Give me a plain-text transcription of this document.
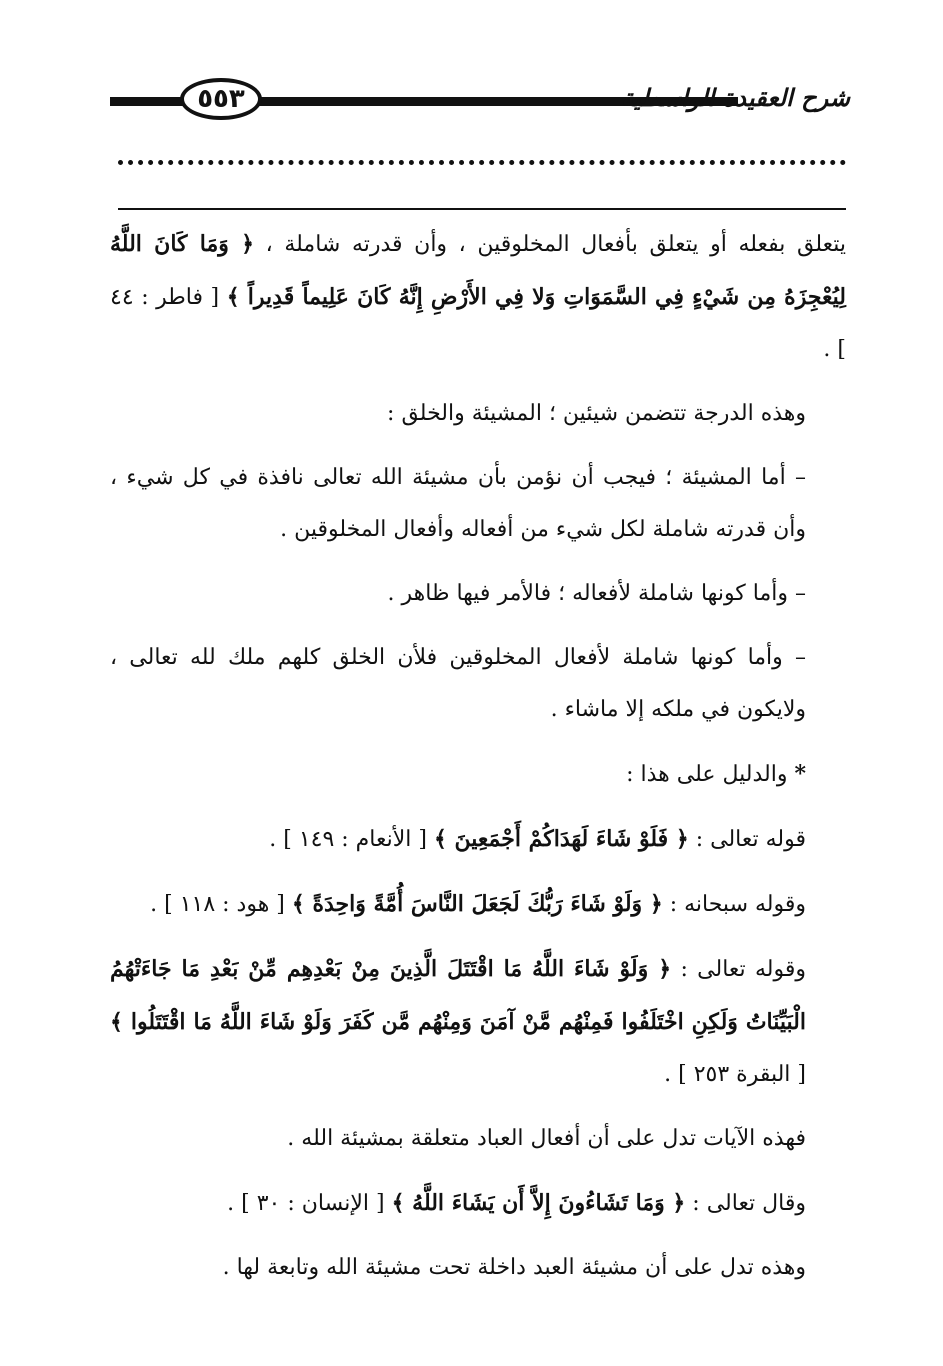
٥٥٣	شرح العقيدة الواسطية

يتعلق بفعله أو يتعلق بأفعال المخلوقين ، وأن قدرته شاملة ، ﴿ وَمَا كَانَ اللَّهُ لِيُعْجِزَهُ مِن شَيْءٍ فِي السَّمَوَاتِ وَلا فِي الأَرْضِ إِنَّهُ كَانَ عَلِيماً قَدِيراً ﴾ [ فاطر : ٤٤ ] .

وهذه الدرجة تتضمن شيئين ؛ المشيئة والخلق :

– أما المشيئة ؛ فيجب أن نؤمن بأن مشيئة الله تعالى نافذة في كل شيء ، وأن قدرته شاملة لكل شيء من أفعاله وأفعال المخلوقين .

– وأما كونها شاملة لأفعاله ؛ فالأمر فيها ظاهر .

– وأما كونها شاملة لأفعال المخلوقين فلأن الخلق كلهم ملك لله تعالى ، ولايكون في ملكه إلا ماشاء .

* والدليل على هذا :

قوله تعالى : ﴿ فَلَوْ شَاءَ لَهَدَاكُمْ أَجْمَعِينَ ﴾ [ الأنعام : ١٤٩ ] .

وقوله سبحانه : ﴿ وَلَوْ شَاءَ رَبُّكَ لَجَعَلَ النَّاسَ أُمَّةً وَاحِدَةً ﴾ [ هود : ١١٨ ] .

وقوله تعالى : ﴿ وَلَوْ شَاءَ اللَّهُ مَا اقْتَتَلَ الَّذِينَ مِنْ بَعْدِهِم مِّنْ بَعْدِ مَا جَاءَتْهُمُ الْبَيِّنَاتُ وَلَكِنِ اخْتَلَفُوا فَمِنْهُم مَّنْ آمَنَ وَمِنْهُم مَّن كَفَرَ وَلَوْ شَاءَ اللَّهُ مَا اقْتَتَلُوا ﴾ [ البقرة ٢٥٣ ] .

فهذه الآيات تدل على أن أفعال العباد متعلقة بمشيئة الله .

وقال تعالى : ﴿ وَمَا تَشَاءُونَ إِلاَّ أَن يَشَاءَ اللَّهُ ﴾ [ الإنسان : ٣٠ ] .

وهذه تدل على أن مشيئة العبد داخلة تحت مشيئة الله وتابعة لها .
